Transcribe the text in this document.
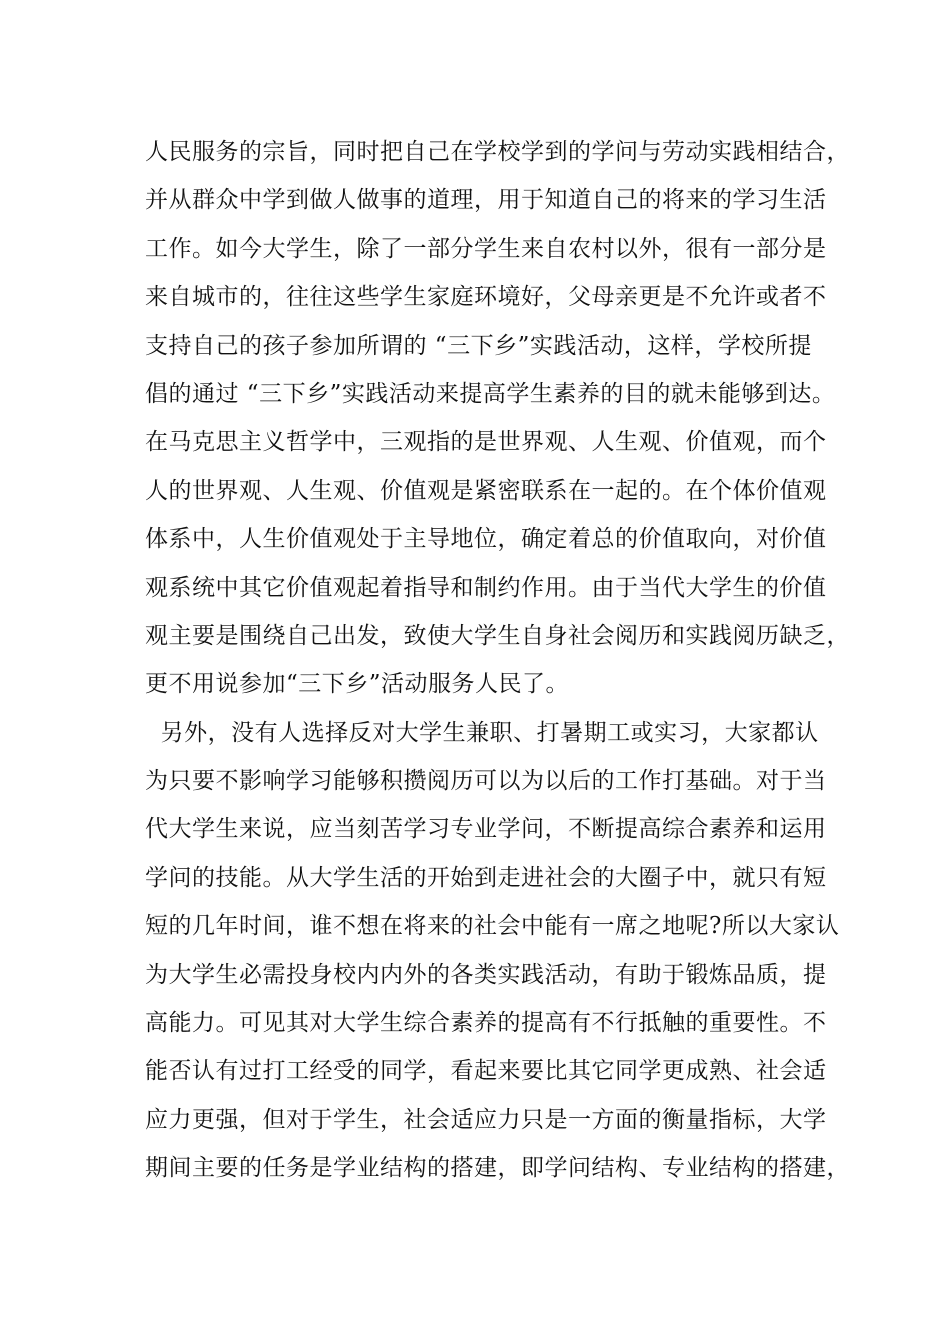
人民服务的宗旨，同时把自己在学校学到的学问与劳动实践相结合，
并从群众中学到做人做事的道理，用于知道自己的将来的学习生活
工作。如今大学生，除了一部分学生来自农村以外，很有一部分是
来自城市的，往往这些学生家庭环境好，父母亲更是不允许或者不
支持自己的孩子参加所谓的 “三下乡”实践活动，这样，学校所提
倡的通过 “三下乡”实践活动来提高学生素养的目的就未能够到达。
在马克思主义哲学中，三观指的是世界观、人生观、价值观，而个
人的世界观、人生观、价值观是紧密联系在一起的。在个体价值观
体系中，人生价值观处于主导地位，确定着总的价值取向，对价值
观系统中其它价值观起着指导和制约作用。由于当代大学生的价值
观主要是围绕自己出发，致使大学生自身社会阅历和实践阅历缺乏，
更不用说参加“三下乡”活动服务人民了。
另外，没有人选择反对大学生兼职、打暑期工或实习，大家都认
为只要不影响学习能够积攒阅历可以为以后的工作打基础。对于当
代大学生来说，应当刻苦学习专业学问，不断提高综合素养和运用
学问的技能。从大学生活的开始到走进社会的大圈子中，就只有短
短的几年时间，谁不想在将来的社会中能有一席之地呢?所以大家认
为大学生必需投身校内内外的各类实践活动，有助于锻炼品质，提
高能力。可见其对大学生综合素养的提高有不行抵触的重要性。不
能否认有过打工经受的同学，看起来要比其它同学更成熟、社会适
应力更强，但对于学生，社会适应力只是一方面的衡量指标，大学
期间主要的任务是学业结构的搭建，即学问结构、专业结构的搭建，
